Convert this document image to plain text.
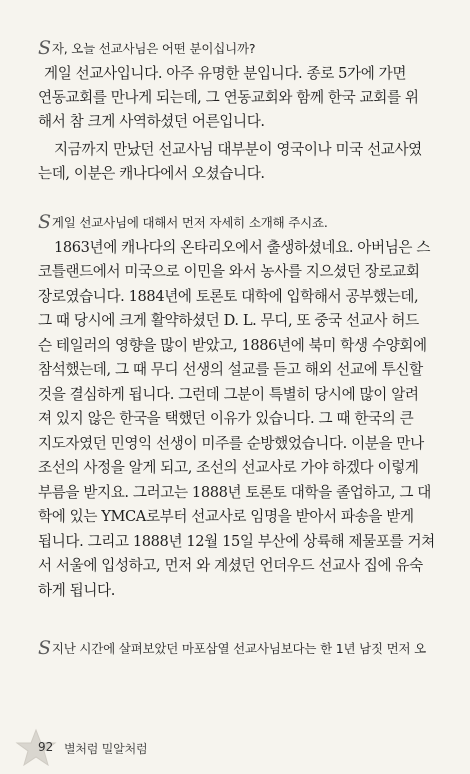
S자, 오늘 선교사님은 어떤 분이십니까?
게일 선교사입니다. 아주 유명한 분입니다. 종로 5가에 가면
연동교회를 만나게 되는데, 그 연동교회와 함께 한국 교회를 위
해서 참 크게 사역하셨던 어른입니다.
지금까지 만났던 선교사님 대부분이 영국이나 미국 선교사였
는데, 이분은 캐나다에서 오셨습니다.
S게일 선교사님에 대해서 먼저 자세히 소개해 주시죠.
1863년에 캐나다의 온타리오에서 출생하셨네요. 아버님은 스
코틀랜드에서 미국으로 이민을 와서 농사를 지으셨던 장로교회
장로였습니다. 1884년에 토론토 대학에 입학해서 공부했는데,
그 때 당시에 크게 활약하셨던 D. L. 무디, 또 중국 선교사 허드
슨 테일러의 영향을 많이 받았고, 1886년에 북미 학생 수양회에
참석했는데, 그 때 무디 선생의 설교를 듣고 해외 선교에 투신할
것을 결심하게 됩니다. 그런데 그분이 특별히 당시에 많이 알려
져 있지 않은 한국을 택했던 이유가 있습니다. 그 때 한국의 큰
지도자였던 민영익 선생이 미주를 순방했었습니다. 이분을 만나
조선의 사정을 알게 되고, 조선의 선교사로 가야 하겠다 이렇게
부름을 받지요. 그러고는 1888년 토론토 대학을 졸업하고, 그 대
학에 있는 YMCA로부터 선교사로 임명을 받아서 파송을 받게
됩니다. 그리고 1888년 12월 15일 부산에 상륙해 제물포를 거쳐
서 서울에 입성하고, 먼저 와 계셨던 언더우드 선교사 집에 유숙
하게 됩니다.
S지난 시간에 살펴보았던 마포삼열 선교사님보다는 한 1년 남짓 먼저 오
92 별처럼 밀알처럼
